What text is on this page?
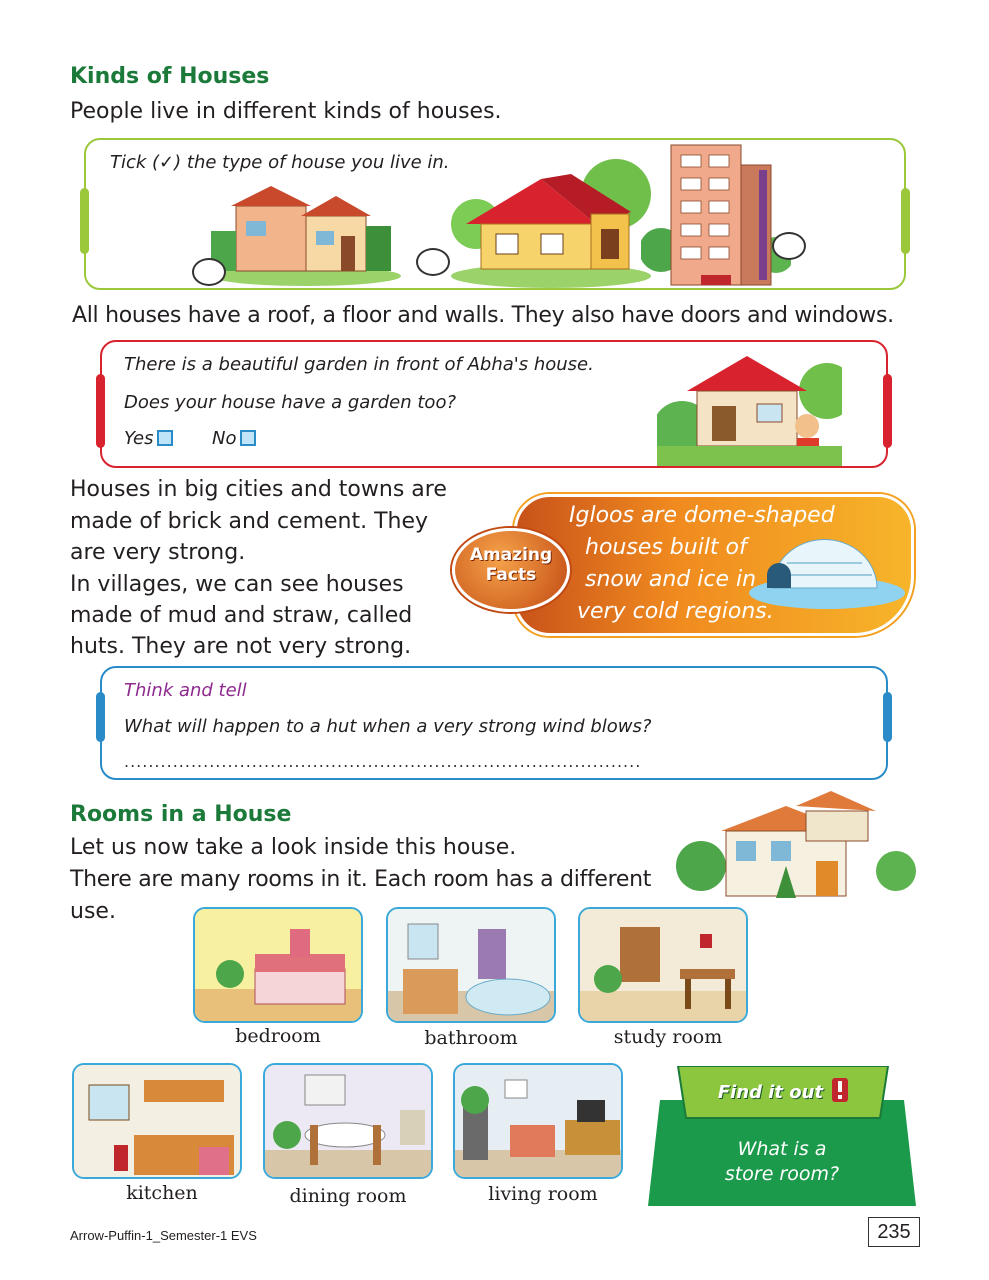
Kinds of Houses
People live in different kinds of houses.
Tick (✓) the type of house you live in.
All houses have a roof, a floor and walls. They also have doors and windows.
There is a beautiful garden in front of Abha's house.
Does your house have a garden too?
Yes	No
Houses in big cities and towns are
made of brick and cement. They
are very strong.
In villages, we can see houses
made of mud and straw, called
huts. They are not very strong.
Igloos are dome-shaped
houses built of
snow and ice in
very cold regions.
Amazing
Facts
Think and tell
What will happen to a hut when a very strong wind blows?
.....................................................................................
Rooms in a House
Let us now take a look inside this house.
There are many rooms in it. Each room has a different
use.
bedroom	bathroom	study room
kitchen	dining room	living room
Find it out
What is a
store room?
Arrow-Puffin-1_Semester-1 EVS	235
